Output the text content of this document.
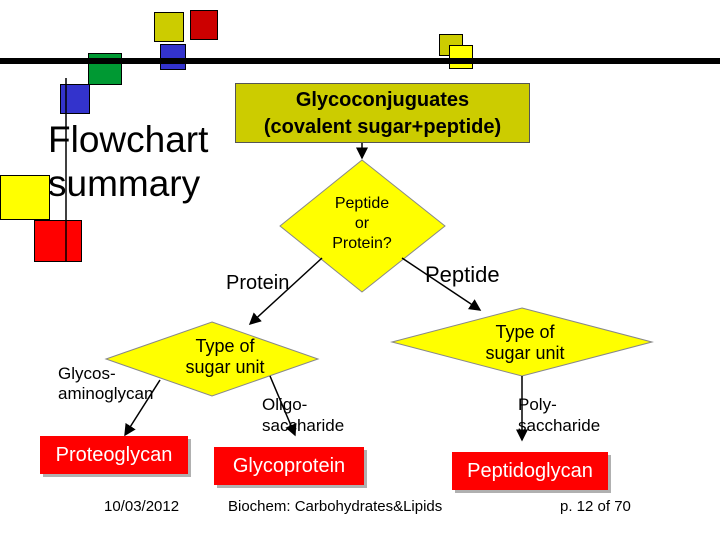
Flowchart
summary
Glycoconjuguates
(covalent sugar+peptide)
Peptide
or
Protein?
Type of
sugar unit
Type of
sugar unit
Protein	Peptide
Glycos-
aminoglycan
Oligo-
saccharide
Poly-
saccharide
Proteoglycan	Glycoprotein	Peptidoglycan
10/03/2012	Biochem: Carbohydrates&Lipids	p. 12 of 70
